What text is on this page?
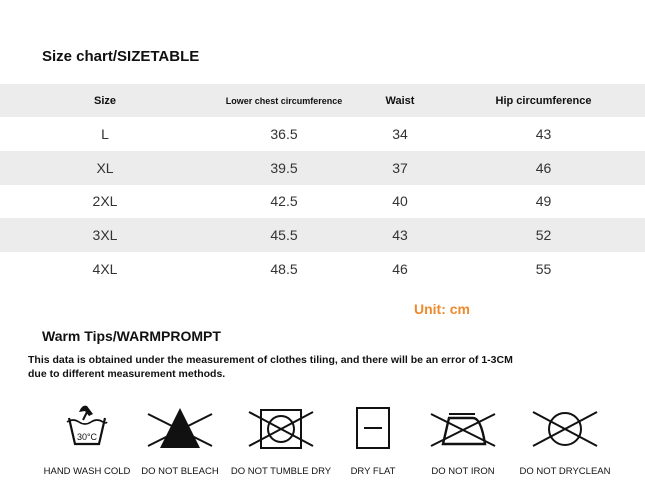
Size chart/SIZETABLE
Size	Lower chest circumference	Waist	Hip circumference
L	36.5	34	43
XL	39.5	37	46
2XL	42.5	40	49
3XL	45.5	43	52
4XL	48.5	46	55
Unit: cm
Warm Tips/WARMPROMPT
This data is obtained under the measurement of clothes tiling, and there will be an error of 1-3CM due to different measurement methods.
30°C
HAND WASH COLD	DO NOT BLEACH	DO NOT TUMBLE DRY	DRY FLAT	DO NOT IRON	DO NOT DRYCLEAN
